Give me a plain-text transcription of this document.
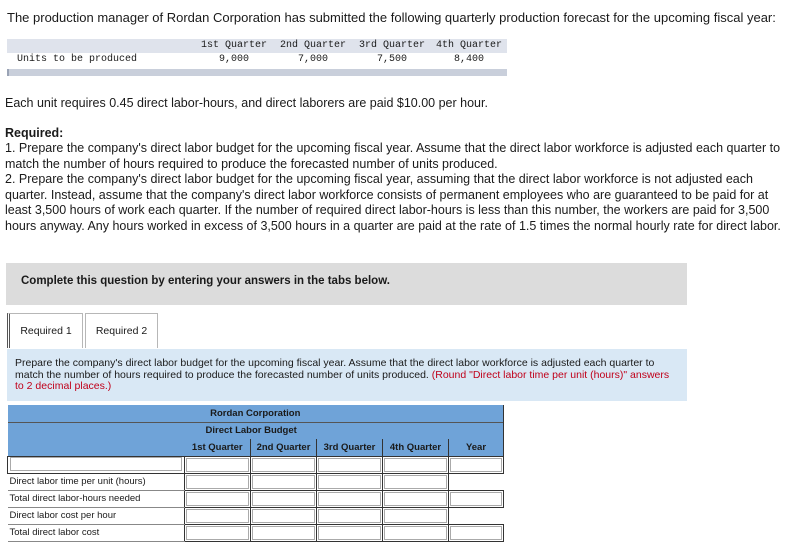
The production manager of Rordan Corporation has submitted the following quarterly production forecast for the upcoming fiscal year:
1st Quarter	2nd Quarter	3rd Quarter	4th Quarter
Units to be produced	9,000	7,000	7,500	8,400
Each unit requires 0.45 direct labor-hours, and direct laborers are paid $10.00 per hour.
Required:
1. Prepare the company's direct labor budget for the upcoming fiscal year. Assume that the direct labor workforce is adjusted each quarter to match the number of hours required to produce the forecasted number of units produced.
2. Prepare the company's direct labor budget for the upcoming fiscal year, assuming that the direct labor workforce is not adjusted each quarter. Instead, assume that the company's direct labor workforce consists of permanent employees who are guaranteed to be paid for at least 3,500 hours of work each quarter. If the number of required direct labor-hours is less than this number, the workers are paid for 3,500 hours anyway. Any hours worked in excess of 3,500 hours in a quarter are paid at the rate of 1.5 times the normal hourly rate for direct labor.
Complete this question by entering your answers in the tabs below.
Required 1	Required 2
Prepare the company's direct labor budget for the upcoming fiscal year. Assume that the direct labor workforce is adjusted each quarter to match the number of hours required to produce the forecasted number of units produced. (Round "Direct labor time per unit (hours)" answers to 2 decimal places.)
Rordan Corporation					
Direct Labor Budget					
	1st Quarter	2nd Quarter	3rd Quarter	4th Quarter	Year

Direct labor time per unit (hours)					
Total direct labor-hours needed					
Direct labor cost per hour					
Total direct labor cost					
